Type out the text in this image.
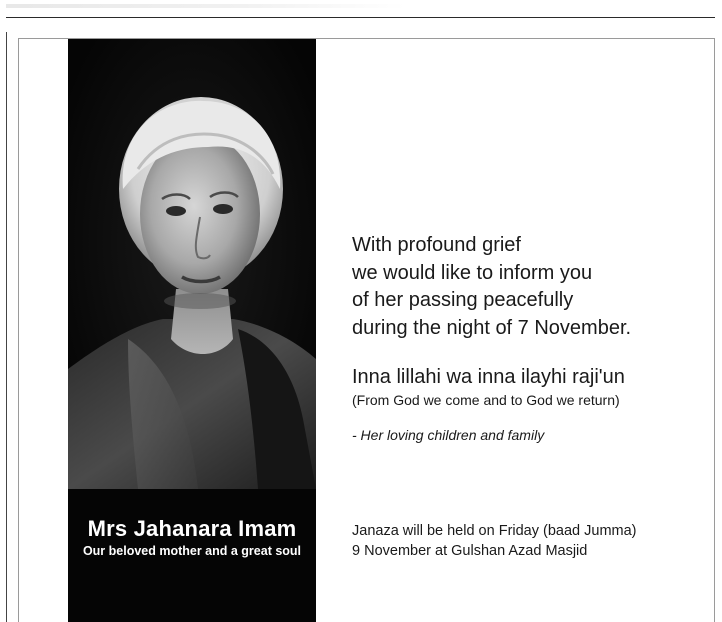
Mrs Jahanara Imam
Our beloved mother and a great soul
With profound grief
we would like to inform you
of her passing peacefully
during the night of 7 November.
Inna lillahi wa inna ilayhi raji'un
(From God we come and to God we return)
- Her loving children and family
Janaza will be held on Friday (baad Jumma)
9 November at Gulshan Azad Masjid
